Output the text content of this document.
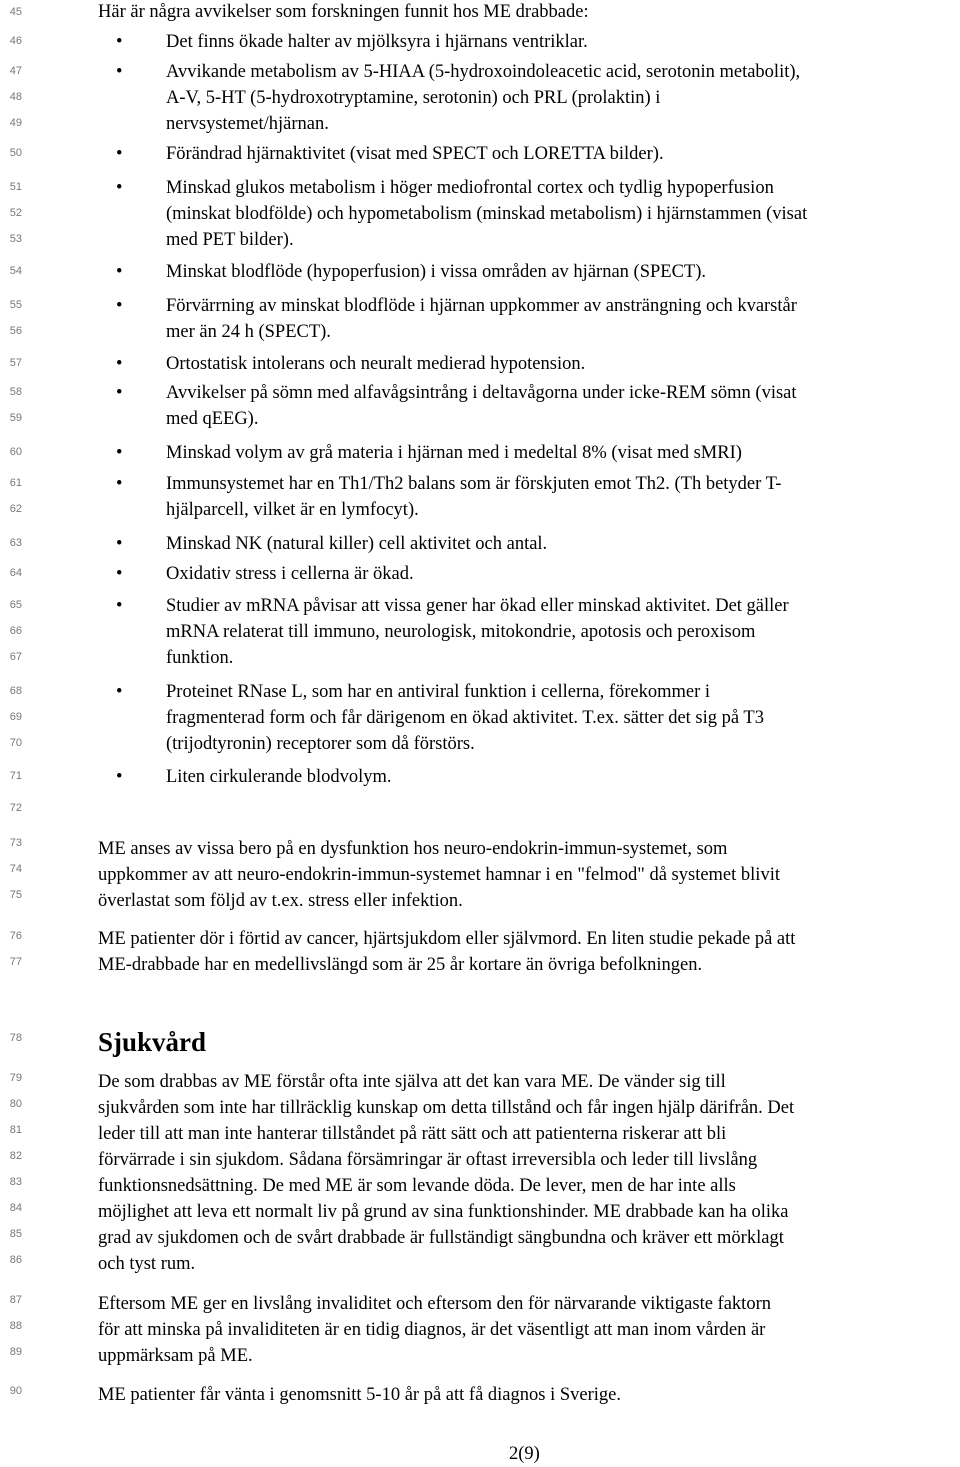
45
46
47
48
49
50
51
52
53
54
55
56
57
58
59
60
61
62
63
64
65
66
67
68
69
70
71
72
73
74
75
76
77
78
79
80
81
82
83
84
85
86
87
88
89
90
Här är några avvikelser som forskningen funnit hos ME drabbade:
• Det finns ökade halter av mjölksyra i hjärnans ventriklar.
• Avvikande metabolism av 5-HIAA (5-hydroxoindoleacetic acid, serotonin metabolit),
A-V, 5-HT (5-hydroxotryptamine, serotonin) och PRL (prolaktin) i
nervsystemet/hjärnan.
• Förändrad hjärnaktivitet (visat med SPECT och LORETTA bilder).
• Minskad glukos metabolism i höger mediofrontal cortex och tydlig hypoperfusion
(minskat blodfölde) och hypometabolism (minskad metabolism) i hjärnstammen (visat
med PET bilder).
• Minskat blodflöde (hypoperfusion) i vissa områden av hjärnan (SPECT).
• Förvärrning av minskat blodflöde i hjärnan uppkommer av ansträngning och kvarstår
mer än 24 h (SPECT).
• Ortostatisk intolerans och neuralt medierad hypotension.
• Avvikelser på sömn med alfavågsintrång i deltavågorna under icke-REM sömn (visat
med qEEG).
• Minskad volym av grå materia i hjärnan med i medeltal 8% (visat med sMRI)
• Immunsystemet har en Th1/Th2 balans som är förskjuten emot Th2. (Th betyder T-
hjälparcell, vilket är en lymfocyt).
• Minskad NK (natural killer) cell aktivitet och antal.
• Oxidativ stress i cellerna är ökad.
• Studier av mRNA påvisar att vissa gener har ökad eller minskad aktivitet. Det gäller
mRNA relaterat till immuno, neurologisk, mitokondrie, apotosis och peroxisom
funktion.
• Proteinet RNase L, som har en antiviral funktion i cellerna, förekommer i
fragmenterad form och får därigenom en ökad aktivitet. T.ex. sätter det sig på T3
(trijodtyronin) receptorer som då förstörs.
• Liten cirkulerande blodvolym.
ME anses av vissa bero på en dysfunktion hos neuro-endokrin-immun-systemet, som
uppkommer av att neuro-endokrin-immun-systemet hamnar i en "felmod" då systemet blivit
överlastat som följd av t.ex. stress eller infektion.
ME patienter dör i förtid av cancer, hjärtsjukdom eller självmord. En liten studie pekade på att
ME-drabbade har en medellivslängd som är 25 år kortare än övriga befolkningen.
Sjukvård
De som drabbas av ME förstår ofta inte själva att det kan vara ME. De vänder sig till
sjukvården som inte har tillräcklig kunskap om detta tillstånd och får ingen hjälp därifrån. Det
leder till att man inte hanterar tillståndet på rätt sätt och att patienterna riskerar att bli
förvärrade i sin sjukdom. Sådana försämringar är oftast irreversibla och leder till livslång
funktionsnedsättning. De med ME är som levande döda. De lever, men de har inte alls
möjlighet att leva ett normalt liv på grund av sina funktionshinder. ME drabbade kan ha olika
grad av sjukdomen och de svårt drabbade är fullständigt sängbundna och kräver ett mörklagt
och tyst rum.
Eftersom ME ger en livslång invaliditet och eftersom den för närvarande viktigaste faktorn
för att minska på invaliditeten är en tidig diagnos, är det väsentligt att man inom vården är
uppmärksam på ME.
ME patienter får vänta i genomsnitt 5-10 år på att få diagnos i Sverige.
2(9)
